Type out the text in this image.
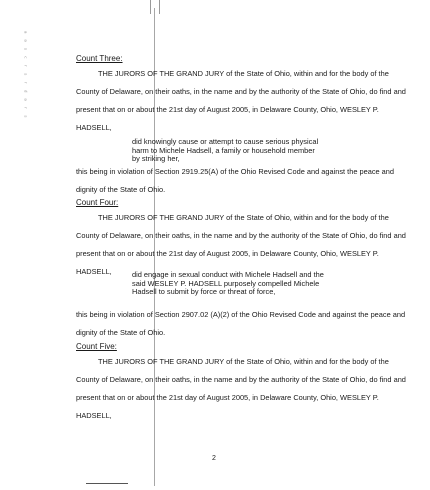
ᵃ ᵃ ˢ ᶜ ʳ ˢ ʳ ᵈ ᵃ ʳ ˢ	Count Three:
THE JURORS OF THE GRAND JURY of the State of Ohio, within and for the body of the County of Delaware, on their oaths, in the name and by the authority of the State of Ohio, do find and present that on or about the 21st day of August 2005, in Delaware County, Ohio, WESLEY P. HADSELL,
did knowingly cause or attempt to cause serious physical harm to Michele Hadsell, a family or household member by striking her,
this being in violation of Section 2919.25(A) of the Ohio Revised Code and against the peace and dignity of the State of Ohio.
Count Four:
THE JURORS OF THE GRAND JURY of the State of Ohio, within and for the body of the County of Delaware, on their oaths, in the name and by the authority of the State of Ohio, do find and present that on or about the 21st day of August 2005, in Delaware County, Ohio, WESLEY P. HADSELL,	did engage in sexual conduct with Michele Hadsell and the said WESLEY P. HADSELL purposely compelled Michele Hadsell to submit by force or threat of force,
this being in violation of Section 2907.02 (A)(2) of the Ohio Revised Code and against the peace and dignity of the State of Ohio.
Count Five:
THE JURORS OF THE GRAND JURY of the State of Ohio, within and for the body of the County of Delaware, on their oaths, in the name and by the authority of the State of Ohio, do find and present that on or about the 21st day of August 2005, in Delaware County, Ohio, WESLEY P. HADSELL,
2
